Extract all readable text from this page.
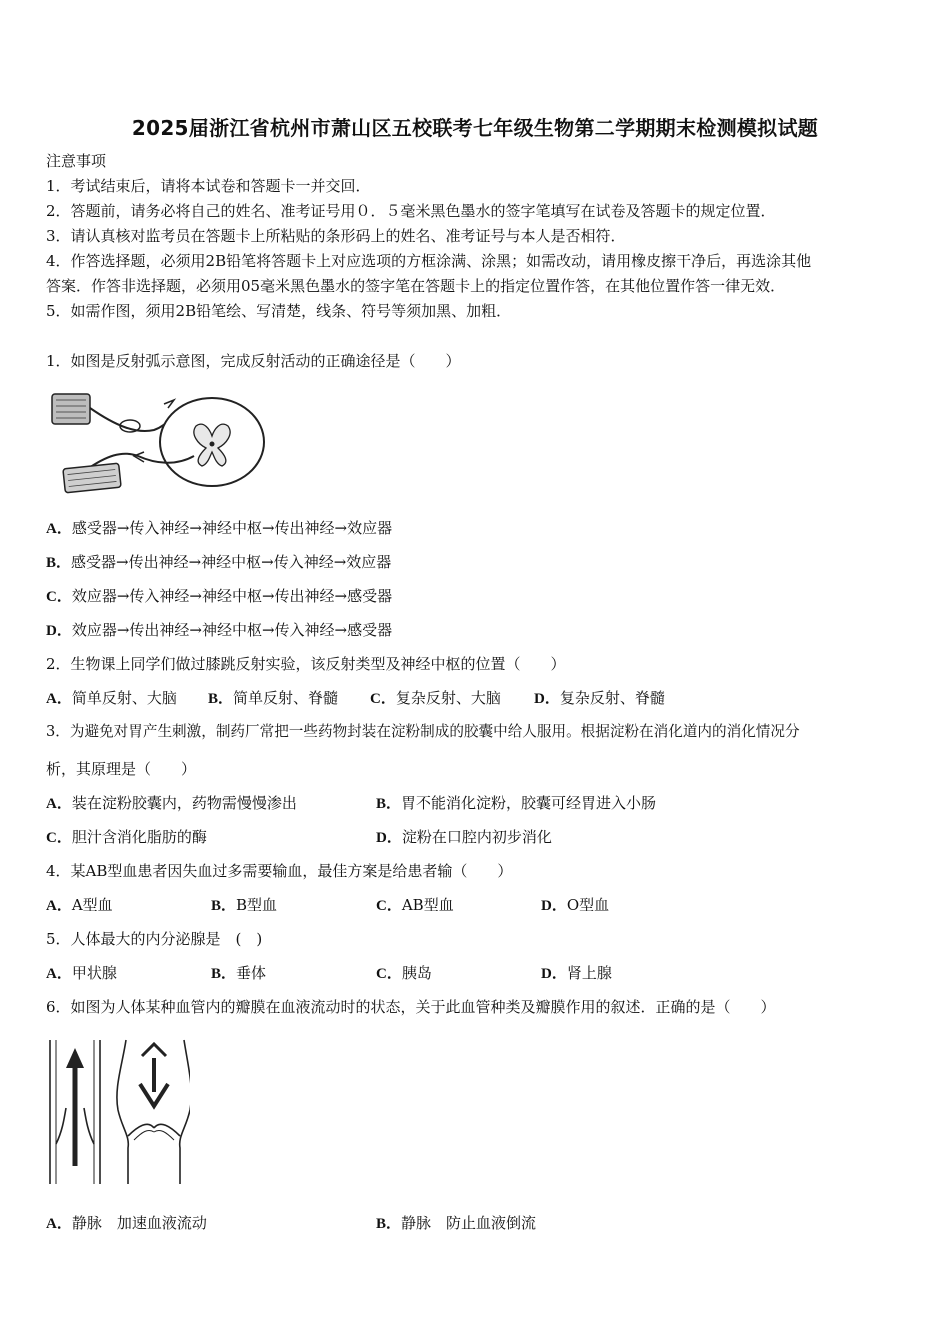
2025届浙江省杭州市萧山区五校联考七年级生物第二学期期末检测模拟试题
注意事项
1．考试结束后，请将本试卷和答题卡一并交回．
2．答题前，请务必将自己的姓名、准考证号用０．５毫米黑色墨水的签字笔填写在试卷及答题卡的规定位置．
3．请认真核对监考员在答题卡上所粘贴的条形码上的姓名、准考证号与本人是否相符．
4．作答选择题，必须用2B铅笔将答题卡上对应选项的方框涂满、涂黑；如需改动，请用橡皮擦干净后，再选涂其他
答案．作答非选择题，必须用05毫米黑色墨水的签字笔在答题卡上的指定位置作答，在其他位置作答一律无效．
5．如需作图，须用2B铅笔绘、写清楚，线条、符号等须加黑、加粗．
1．如图是反射弧示意图，完成反射活动的正确途径是（　　）
A．感受器→传入神经→神经中枢→传出神经→效应器
B．感受器→传出神经→神经中枢→传入神经→效应器
C．效应器→传入神经→神经中枢→传出神经→感受器
D．效应器→传出神经→神经中枢→传入神经→感受器
2．生物课上同学们做过膝跳反射实验，该反射类型及神经中枢的位置（　　）
A．简单反射、大脑 B．简单反射、脊髓 C．复杂反射、大脑 D．复杂反射、脊髓
3．为避免对胃产生刺激，制药厂常把一些药物封装在淀粉制成的胶囊中给人服用。根据淀粉在消化道内的消化情况分
析，其原理是（　　）
A．装在淀粉胶囊内，药物需慢慢渗出	B．胃不能消化淀粉，胶囊可经胃进入小肠
C．胆汁含消化脂肪的酶	D．淀粉在口腔内初步消化
4．某AB型血患者因失血过多需要输血，最佳方案是给患者输（　　）
A．A型血	B．B型血	C．AB型血	D．O型血
5．人体最大的内分泌腺是　(　)
A．甲状腺	B．垂体	C．胰岛	D．肾上腺
6．如图为人体某种血管内的瓣膜在血液流动时的状态，关于此血管种类及瓣膜作用的叙述．正确的是（　　）
A．静脉　加速血液流动	B．静脉　防止血液倒流
